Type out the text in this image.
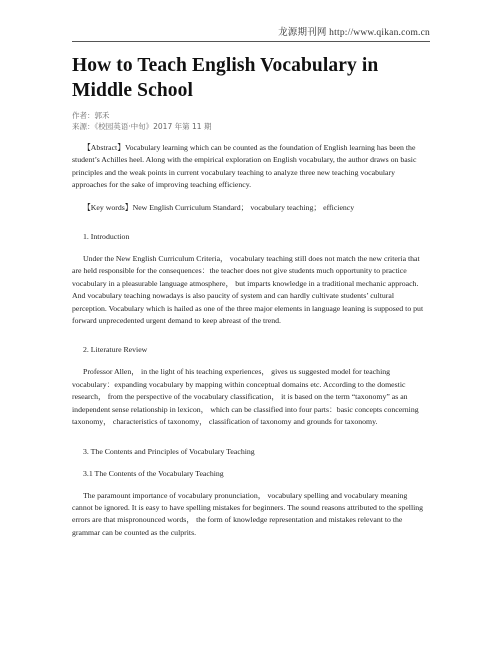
龙源期刊网 http://www.qikan.com.cn
How to Teach English Vocabulary in Middle School
作者：郭禾
来源：《校园英语·中旬》2017 年第 11 期

【Abstract】Vocabulary learning which can be counted as the foundation of English learning has been the student’s Achilles heel. Along with the empirical exploration on English vocabulary, the author draws on basic principles and the weak points in current vocabulary teaching to analyze three new teaching vocabulary approaches for the sake of improving teaching efficiency.

【Key words】New English Curriculum Standard； vocabulary teaching； efficiency

1. Introduction

Under the New English Curriculum Criteria， vocabulary teaching still does not match the new criteria that are held responsible for the consequences：the teacher does not give students much opportunity to practice vocabulary in a pleasurable language atmosphere， but imparts knowledge in a traditional mechanic approach. And vocabulary teaching nowadays is also paucity of system and can hardly cultivate students’ cultural perception. Vocabulary which is hailed as one of the three major elements in language leaning is supposed to put forward unprecedented urgent demand to keep abreast of the trend.

2. Literature Review

Professor Allen， in the light of his teaching experiences， gives us suggested model for teaching vocabulary：expanding vocabulary by mapping within conceptual domains etc. According to the domestic research， from the perspective of the vocabulary classification， it is based on the term “taxonomy” as an independent sense relationship in lexicon， which can be classified into four parts：basic concepts concerning taxonomy， characteristics of taxonomy， classification of taxonomy and grounds for taxonomy.

3. The Contents and Principles of Vocabulary Teaching
3.1 The Contents of the Vocabulary Teaching

The paramount importance of vocabulary pronunciation， vocabulary spelling and vocabulary meaning cannot be ignored. It is easy to have spelling mistakes for beginners. The sound reasons attributed to the spelling errors are that mispronounced words， the form of knowledge representation and mistakes relevant to the grammar can be counted as the culprits.
